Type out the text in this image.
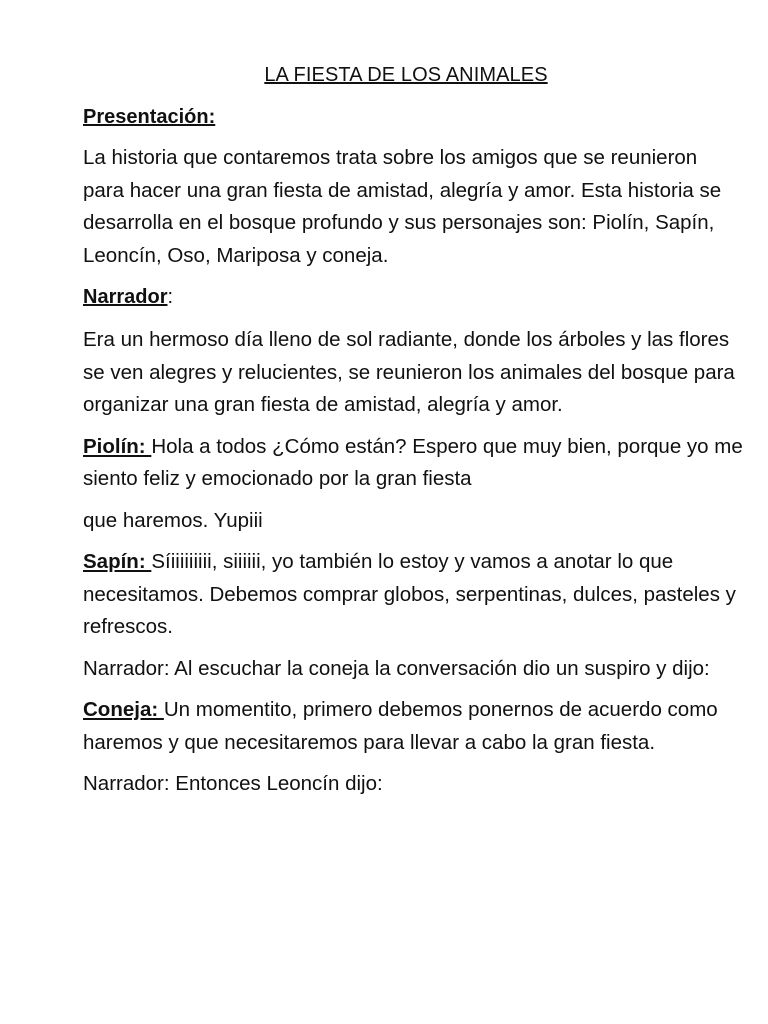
LA FIESTA DE LOS ANIMALES

Presentación:

La historia que contaremos trata sobre los amigos que se reunieron para hacer una gran fiesta de amistad, alegría y amor. Esta historia se desarrolla en el bosque profundo y sus personajes son: Piolín, Sapín, Leoncín, Oso, Mariposa y coneja.

Narrador:

Era un hermoso día lleno de sol radiante, donde los árboles y las flores se ven alegres y relucientes, se reunieron los animales del bosque para organizar una gran fiesta de amistad, alegría y amor.

Piolín: Hola a todos ¿Cómo están? Espero que muy bien, porque yo me siento feliz y emocionado por la gran fiesta

que haremos. Yupiii

Sapín: Síiiiiiiiii, siiiiii, yo también lo estoy y vamos a anotar lo que necesitamos. Debemos comprar globos, serpentinas, dulces, pasteles y refrescos.

Narrador: Al escuchar la coneja la conversación dio un suspiro y dijo:

Coneja: Un momentito, primero debemos ponernos de acuerdo como haremos y que necesitaremos para llevar a cabo la gran fiesta.

Narrador: Entonces Leoncín dijo:
